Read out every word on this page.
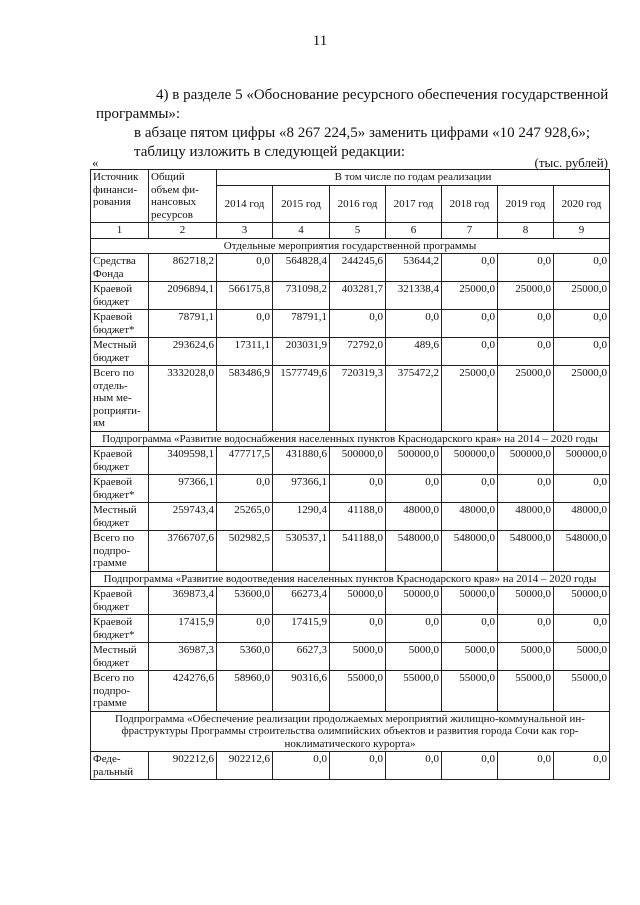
11

4) в разделе 5 «Обоснование ресурсного обеспечения государственной

программы»:

в абзаце пятом цифры «8 267 224,5» заменить цифрами «10 247 928,6»;

таблицу изложить в следующей редакции:

«	(тыс. рублей)
Источник финанси-рования	Общий объем фи-нансовых ресурсов	В том числе по годам реализации						
		2014 год	2015 год	2016 год	2017 год	2018 год	2019 год	2020 год
1	2	3	4	5	6	7	8	9
Отдельные мероприятия государственной программы								
Средства Фонда	862718,2	0,0	564828,4	244245,6	53644,2	0,0	0,0	0,0
Краевой бюджет	2096894,1	566175,8	731098,2	403281,7	321338,4	25000,0	25000,0	25000,0
Краевой бюджет*	78791,1	0,0	78791,1	0,0	0,0	0,0	0,0	0,0
Местный бюджет	293624,6	17311,1	203031,9	72792,0	489,6	0,0	0,0	0,0
Всего по отдель-ным ме-роприяти-ям	3332028,0	583486,9	1577749,6	720319,3	375472,2	25000,0	25000,0	25000,0
Подпрограмма «Развитие водоснабжения населенных пунктов Краснодарского края» на 2014 – 2020 годы								
Краевой бюджет	3409598,1	477717,5	431880,6	500000,0	500000,0	500000,0	500000,0	500000,0
Краевой бюджет*	97366,1	0,0	97366,1	0,0	0,0	0,0	0,0	0,0
Местный бюджет	259743,4	25265,0	1290,4	41188,0	48000,0	48000,0	48000,0	48000,0
Всего по подпро-грамме	3766707,6	502982,5	530537,1	541188,0	548000,0	548000,0	548000,0	548000,0
Подпрограмма «Развитие водоотведения населенных пунктов Краснодарского края» на 2014 – 2020 годы								
Краевой бюджет	369873,4	53600,0	66273,4	50000,0	50000,0	50000,0	50000,0	50000,0
Краевой бюджет*	17415,9	0,0	17415,9	0,0	0,0	0,0	0,0	0,0
Местный бюджет	36987,3	5360,0	6627,3	5000,0	5000,0	5000,0	5000,0	5000,0
Всего по подпро-грамме	424276,6	58960,0	90316,6	55000,0	55000,0	55000,0	55000,0	55000,0
Подпрограмма «Обеспечение реализации продолжаемых мероприятий жилищно-коммунальной ин-фраструктуры Программы строительства олимпийских объектов и развития города Сочи как гор-ноклиматического курорта»								
Феде-ральный	902212,6	902212,6	0,0	0,0	0,0	0,0	0,0	0,0
